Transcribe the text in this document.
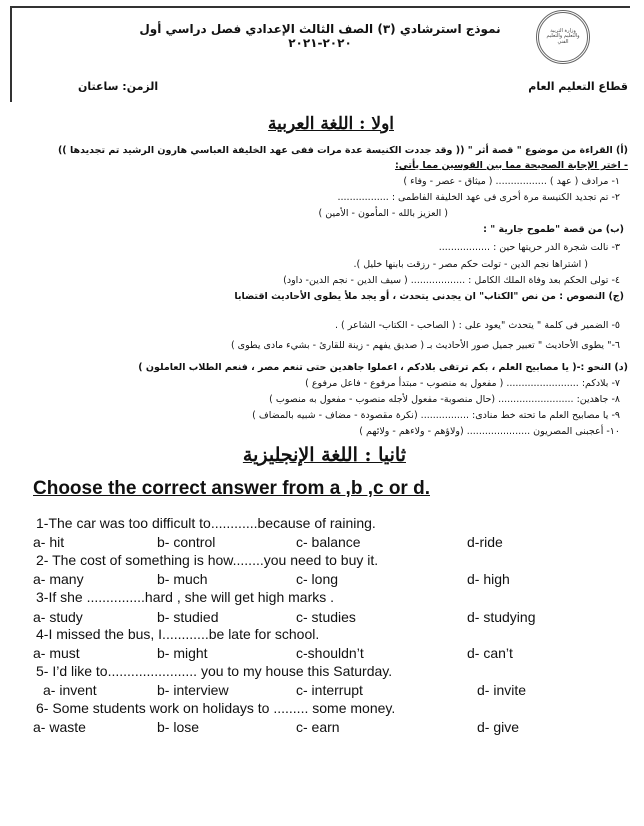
نموذج استرشادي (٣) الصف الثالث الإعدادي فصل دراسي أول ٢٠٢٠-٢٠٢١
وزارة التربية والتعليم والتعليم الفني
قطاع التعليم العام
الزمن: ساعتان
اولا : اللغة العربية
(أ) القراءة من موضوع " قصة أثر " (( وقد جددت الكنيسة عدة مرات ففى عهد الخليفة العباسي هارون الرشيد تم تجديدها ))
- اختر الإجابة الصحيحة مما بين القوسين مما يأتي:
١- مرادف ( عهد ) ................. ( ميثاق - عصر - وفاء )
٢- تم تجديد الكنيسة مرة أخرى فى عهد الخليفة الفاطمى : .................
( العزيز بالله - المأمون - الأمين )
(ب) من قصة "طموح جارية " :
٣- نالت شجرة الدر حريتها حين : .................
( اشتراها نجم الدين - تولت حكم مصر - رزقت بابنها خليل ).
٤- تولى الحكم بعد وفاة الملك الكامل : .................. ( سيف الدين - نجم الدين- داود)
(ج) النصوص : من نص "الكتاب" ان يجدنى يتحدث ، أو يجد ملأ يطوى الأحاديث اقتضابا
٥- الضمير فى كلمة " يتحدث "يعود على : ( الصاحب - الكتاب- الشاعر ) .
٦-" يطوى الأحاديث " تعبير جميل صور الأحاديث بـ ( صديق يفهم - زينة للقارئ - بشيء مادى يطوى )
(د) النحو :-( يا مصابيح العلم ، بكم ترتقى بلادكم ، اعملوا جاهدين حتى تنعم مصر ، فنعم الطلاب العاملون )
٧- بلادكم: ........................ ( مفعول به منصوب - مبتدأ مرفوع - فاعل مرفوع )
٨- جاهدين: ......................... (حال منصوبة- مفعول لأجله منصوب - مفعول به منصوب )
٩- يا مصابيح العلم ما تحته خط منادى: ................ (نكرة مقصودة - مضاف - شبيه بالمضاف )
١٠- أعجبنى المصريون ..................... (ولاؤهم - ولاءهم - ولائهم )
ثانيا : اللغة الإنجليزية
Choose the correct answer from a ,b ,c or d.
1-The car was too difficult to............because of raining.
a- hit	b- control	c- balance	d-ride
2- The cost of something is how........you need to buy it.
a- many	b- much	c- long	d- high
3-If she ...............hard , she will get high marks .
a- study	b- studied	c- studies	d- studying
4-I missed the bus, I............be late for school.
a- must	b- might	c-shouldn’t	d- can’t
5- I’d like to....................... you to my house this Saturday.
a- invent	b- interview	c- interrupt	d- invite
6- Some students work on holidays to ......... some money.
a- waste	b- lose	c- earn	d- give
